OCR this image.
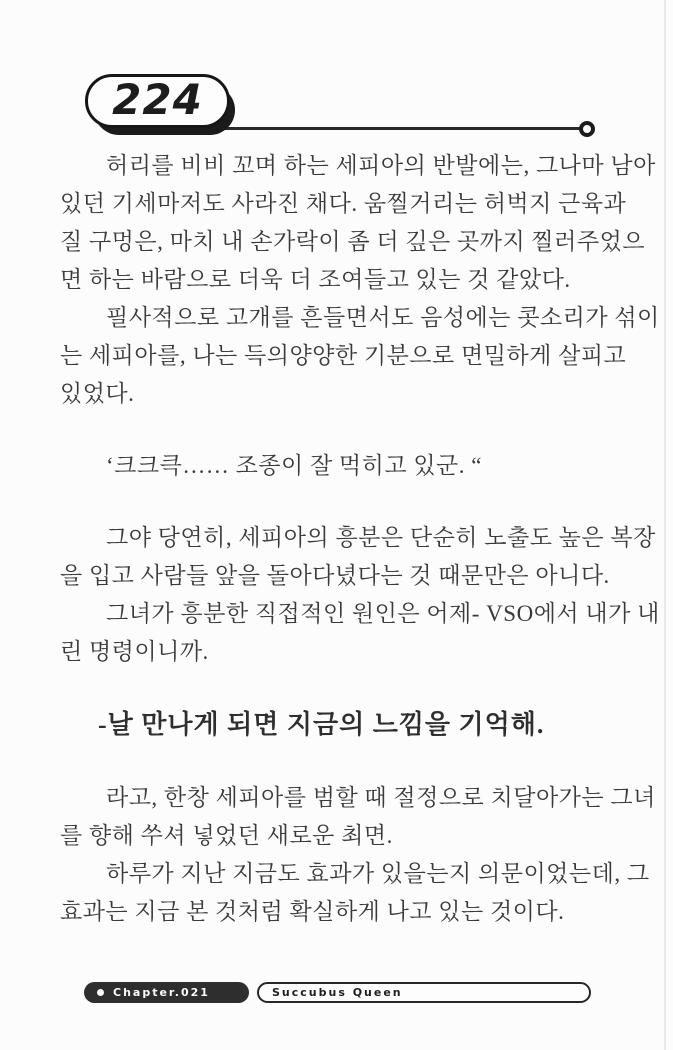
224

허리를 비비 꼬며 하는 세피아의 반발에는, 그나마 남아
있던 기세마저도 사라진 채다. 움찔거리는 허벅지 근육과
질 구멍은, 마치 내 손가락이 좀 더 깊은 곳까지 찔러주었으
면 하는 바람으로 더욱 더 조여들고 있는 것 같았다.

필사적으로 고개를 흔들면서도 음성에는 콧소리가 섞이
는 세피아를, 나는 득의양양한 기분으로 면밀하게 살피고
있었다.

‘크크큭…… 조종이 잘 먹히고 있군. “

그야 당연히, 세피아의 흥분은 단순히 노출도 높은 복장
을 입고 사람들 앞을 돌아다녔다는 것 때문만은 아니다.

그녀가 흥분한 직접적인 원인은 어제- VSO에서 내가 내
린 명령이니까.

-날 만나게 되면 지금의 느낌을 기억해.

라고, 한창 세피아를 범할 때 절정으로 치달아가는 그녀
를 향해 쑤셔 넣었던 새로운 최면.

하루가 지난 지금도 효과가 있을는지 의문이었는데, 그
효과는 지금 본 것처럼 확실하게 나고 있는 것이다.

Chapter.021	Succubus Queen
